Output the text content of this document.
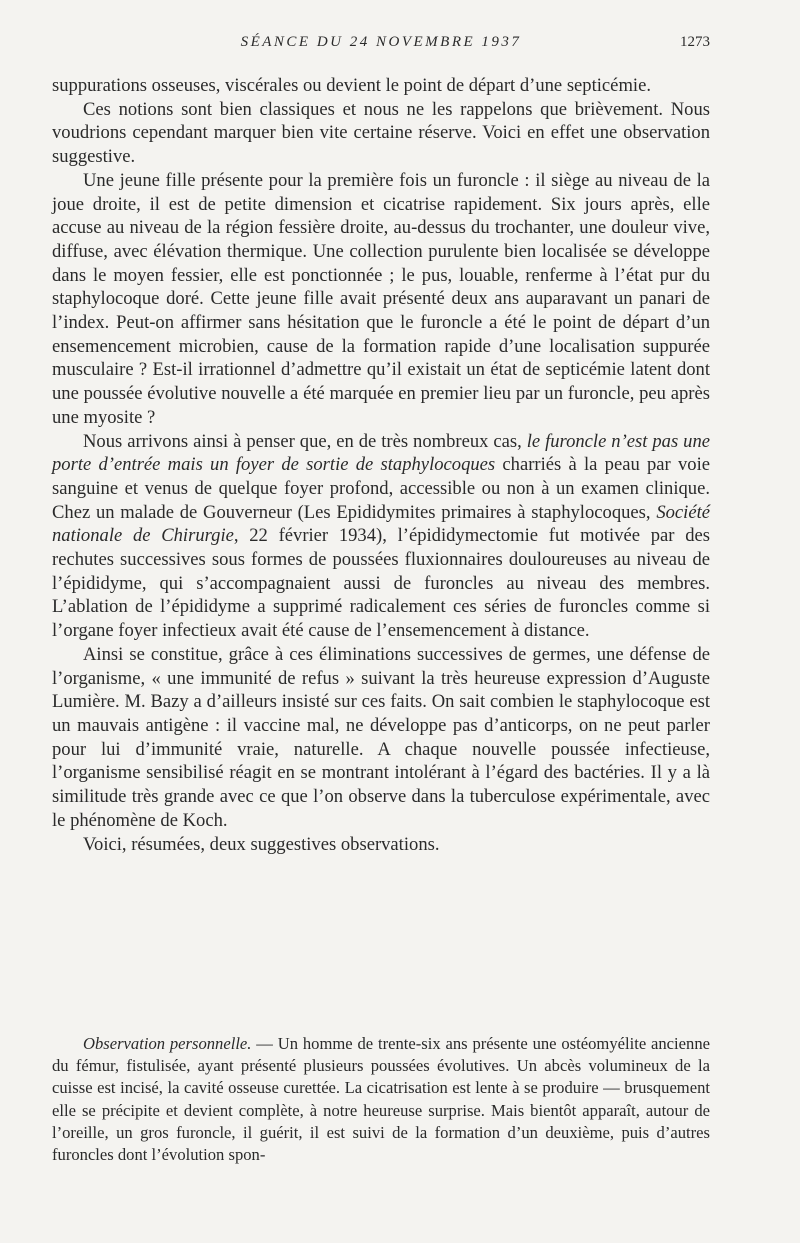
SÉANCE DU 24 NOVEMBRE 1937	1273

suppurations osseuses, viscérales ou devient le point de départ d’une septicémie.

Ces notions sont bien classiques et nous ne les rappelons que brièvement. Nous voudrions cependant marquer bien vite certaine réserve. Voici en effet une observation suggestive.

Une jeune fille présente pour la première fois un furoncle : il siège au niveau de la joue droite, il est de petite dimension et cicatrise rapidement. Six jours après, elle accuse au niveau de la région fessière droite, au-dessus du trochanter, une douleur vive, diffuse, avec élévation thermique. Une collection purulente bien localisée se développe dans le moyen fessier, elle est ponctionnée ; le pus, louable, renferme à l’état pur du staphylocoque doré. Cette jeune fille avait présenté deux ans auparavant un panari de l’index. Peut-on affirmer sans hésitation que le furoncle a été le point de départ d’un ensemencement microbien, cause de la formation rapide d’une localisation suppurée musculaire ? Est-il irrationnel d’admettre qu’il existait un état de septicémie latent dont une poussée évolutive nouvelle a été marquée en premier lieu par un furoncle, peu après une myosite ?

Nous arrivons ainsi à penser que, en de très nombreux cas, le furoncle n’est pas une porte d’entrée mais un foyer de sortie de staphylocoques charriés à la peau par voie sanguine et venus de quelque foyer profond, accessible ou non à un examen clinique. Chez un malade de Gouverneur (Les Epididymites primaires à staphylocoques, Société nationale de Chirurgie, 22 février 1934), l’épididymectomie fut motivée par des rechutes successives sous formes de poussées fluxionnaires douloureuses au niveau de l’épididyme, qui s’accompagnaient aussi de furoncles au niveau des membres. L’ablation de l’épididyme a supprimé radicalement ces séries de furoncles comme si l’organe foyer infectieux avait été cause de l’ensemencement à distance.

Ainsi se constitue, grâce à ces éliminations successives de germes, une défense de l’organisme, « une immunité de refus » suivant la très heureuse expression d’Auguste Lumière. M. Bazy a d’ailleurs insisté sur ces faits. On sait combien le staphylocoque est un mauvais antigène : il vaccine mal, ne développe pas d’anticorps, on ne peut parler pour lui d’immunité vraie, naturelle. A chaque nouvelle poussée infectieuse, l’organisme sensibilisé réagit en se montrant intolérant à l’égard des bactéries. Il y a là similitude très grande avec ce que l’on observe dans la tuberculose expérimentale, avec le phénomène de Koch.

Voici, résumées, deux suggestives observations.

Observation personnelle. — Un homme de trente-six ans présente une ostéomyélite ancienne du fémur, fistulisée, ayant présenté plusieurs poussées évolutives. Un abcès volumineux de la cuisse est incisé, la cavité osseuse curettée. La cicatrisation est lente à se produire — brusquement elle se précipite et devient complète, à notre heureuse surprise. Mais bientôt apparaît, autour de l’oreille, un gros furoncle, il guérit, il est suivi de la formation d’un deuxième, puis d’autres furoncles dont l’évolution spon-
